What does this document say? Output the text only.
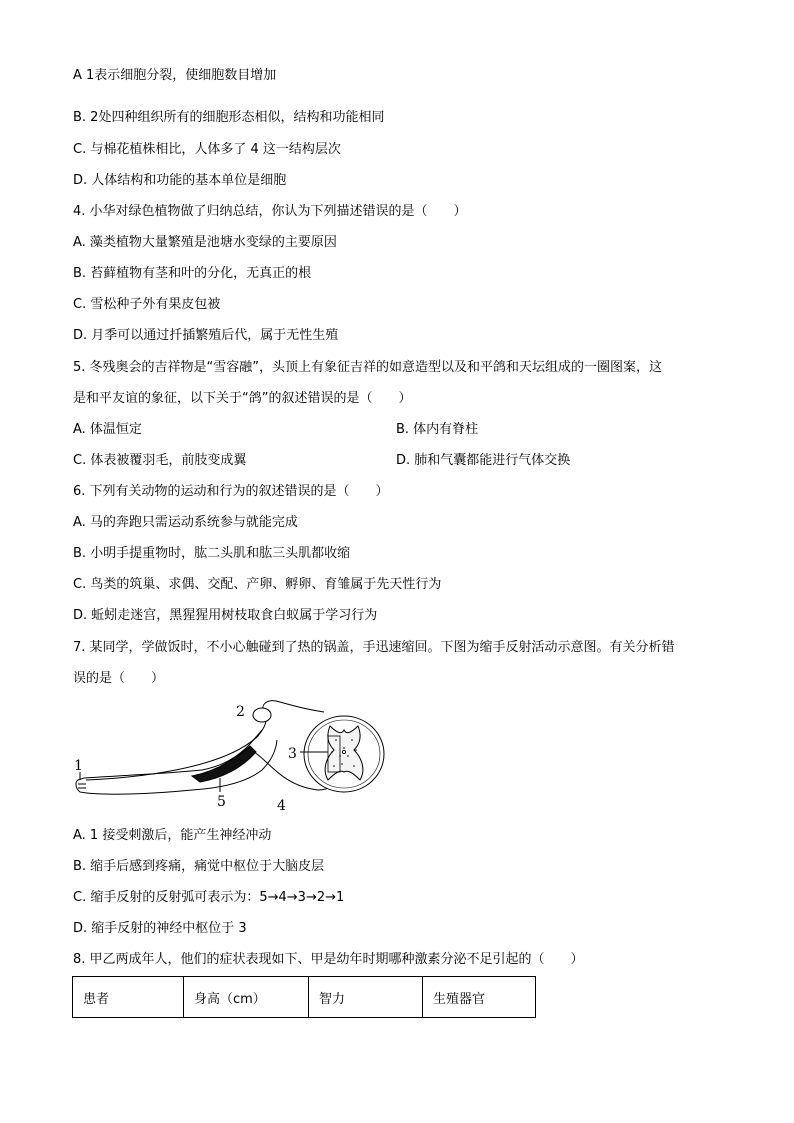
A 1表示细胞分裂，使细胞数目增加
B. 2处四种组织所有的细胞形态相似，结构和功能相同
C. 与棉花植株相比，人体多了 4 这一结构层次
D. 人体结构和功能的基本单位是细胞
4. 小华对绿色植物做了归纳总结，你认为下列描述错误的是（　　）
A. 藻类植物大量繁殖是池塘水变绿的主要原因
B. 苔藓植物有茎和叶的分化，无真正的根
C. 雪松种子外有果皮包被
D. 月季可以通过扦插繁殖后代，属于无性生殖
5. 冬残奥会的吉祥物是“雪容融”，头顶上有象征吉祥的如意造型以及和平鸽和天坛组成的一圈图案，这
是和平友谊的象征，以下关于“鸽”的叙述错误的是（　　）
A. 体温恒定	B. 体内有脊柱
C. 体表被覆羽毛，前肢变成翼	D. 肺和气囊都能进行气体交换
6. 下列有关动物的运动和行为的叙述错误的是（　　）
A. 马的奔跑只需运动系统参与就能完成
B. 小明手提重物时，肱二头肌和肱三头肌都收缩
C. 鸟类的筑巢、求偶、交配、产卵、孵卵、育雏属于先天性行为
D. 蚯蚓走迷宫，黑猩猩用树枝取食白蚁属于学习行为
7. 某同学，学做饭时，不小心触碰到了热的锅盖，手迅速缩回。下图为缩手反射活动示意图。有关分析错
误的是（　　）
1
2
3
4
5
A. 1 接受刺激后，能产生神经冲动
B. 缩手后感到疼痛，痛觉中枢位于大脑皮层
C. 缩手反射的反射弧可表示为：5→4→3→2→1
D. 缩手反射的神经中枢位于 3
8. 甲乙两成年人，他们的症状表现如下、甲是幼年时期哪种激素分泌不足引起的（　　）
患者	身高（cm）	智力	生殖器官
